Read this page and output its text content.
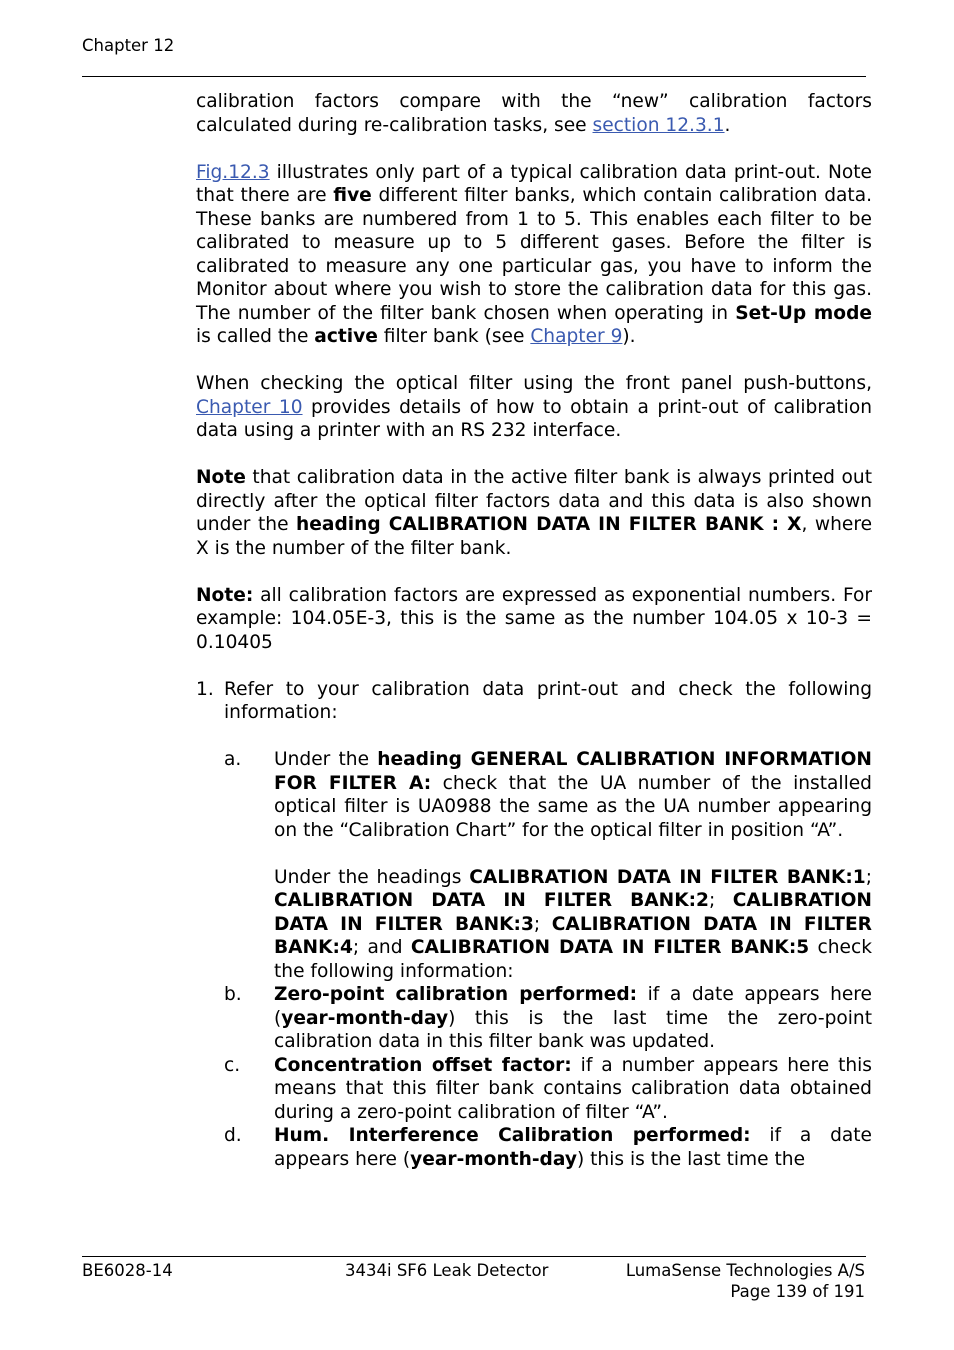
Chapter 12

calibration factors compare with the “new” calibration factors calculated during re-calibration tasks, see section 12.3.1.

Fig.12.3 illustrates only part of a typical calibration data print-out. Note that there are five different filter banks, which contain calibration data. These banks are numbered from 1 to 5. This enables each filter to be calibrated to measure up to 5 different gases. Before the filter is calibrated to measure any one particular gas, you have to inform the Monitor about where you wish to store the calibration data for this gas. The number of the filter bank chosen when operating in Set-Up mode is called the active filter bank (see Chapter 9).

When checking the optical filter using the front panel push-buttons, Chapter 10 provides details of how to obtain a print-out of calibration data using a printer with an RS 232 interface.

Note that calibration data in the active filter bank is always printed out directly after the optical filter factors data and this data is also shown under the heading CALIBRATION DATA IN FILTER BANK : X, where X is the number of the filter bank.

Note: all calibration factors are expressed as exponential numbers. For example: 104.05E-3, this is the same as the number 104.05 x 10-3 = 0.10405

1. Refer to your calibration data print-out and check the following information:
a. Under the heading GENERAL CALIBRATION INFORMATION FOR FILTER A: check that the UA number of the installed optical filter is UA0988 the same as the UA number appearing on the “Calibration Chart” for the optical filter in position “A”.
Under the headings CALIBRATION DATA IN FILTER BANK:1; CALIBRATION DATA IN FILTER BANK:2; CALIBRATION DATA IN FILTER BANK:3; CALIBRATION DATA IN FILTER BANK:4; and CALIBRATION DATA IN FILTER BANK:5 check the following information:
b. Zero-point calibration performed: if a date appears here (year-month-day) this is the last time the zero-point calibration data in this filter bank was updated.
c. Concentration offset factor: if a number appears here this means that this filter bank contains calibration data obtained during a zero-point calibration of filter “A”.
d. Hum. Interference Calibration performed: if a date appears here (year-month-day) this is the last time the
BE6028-14	3434i SF6 Leak Detector	LumaSense Technologies A/S
Page 139 of 191
